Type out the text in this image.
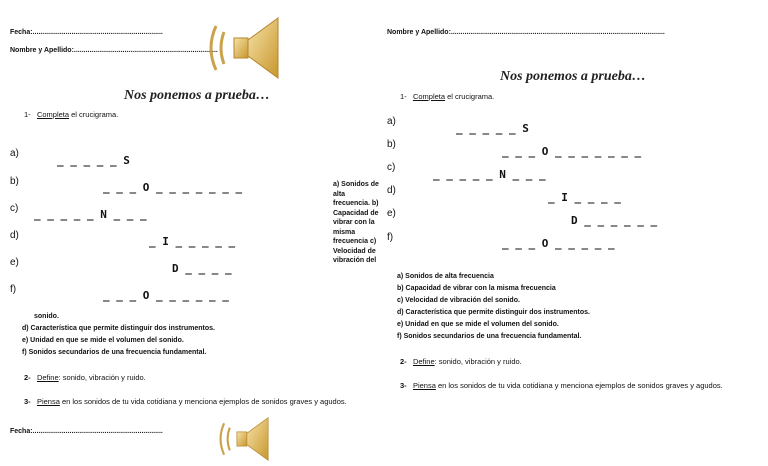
Fecha:...................................................................
Nombre y Apellido:..........................................................................
Nos ponemos a prueba…
1- Completa el crucigrama.
a)
b)
c)
d)
e)
f)
_ _ _ _ _ S
_ _ _ O _ _ _ _ _ _ _
_ _ _ _ _ N _ _ _
_ I _ _ _ _ _
D _ _ _ _
_ _ _ O _ _ _ _ _ _
a) Sonidos de alta frecuencia. b) Capacidad de vibrar con la misma frecuencia c) Velocidad de vibración del
sonido.
d) Característica que permite distinguir dos instrumentos.
e) Unidad en que se mide el volumen del sonido.
f) Sonidos secundarios de una frecuencia fundamental.
2- Define: sonido, vibración y ruido.
3- Piensa en los sonidos de tu vida cotidiana y menciona ejemplos de sonidos graves y agudos.
Fecha:...................................................................
Nombre y Apellido:..............................................................................................................
Nos ponemos a prueba…
1- Completa el crucigrama.
a)
b)
c)
d)
e)
f)
_ _ _ _ _ S
_ _ _ O _ _ _ _ _ _ _
_ _ _ _ _ N _ _ _
_ I _ _ _ _
D _ _ _ _ _ _
_ _ _ O _ _ _ _ _
a) Sonidos de alta frecuencia
b) Capacidad de vibrar con la misma frecuencia
c) Velocidad de vibración del sonido.
d) Característica que permite distinguir dos instrumentos.
e) Unidad en que se mide el volumen del sonido.
f) Sonidos secundarios de una frecuencia fundamental.
2- Define: sonido, vibración y ruido.
3- Piensa en los sonidos de tu vida cotidiana y menciona ejemplos de sonidos graves y agudos.
